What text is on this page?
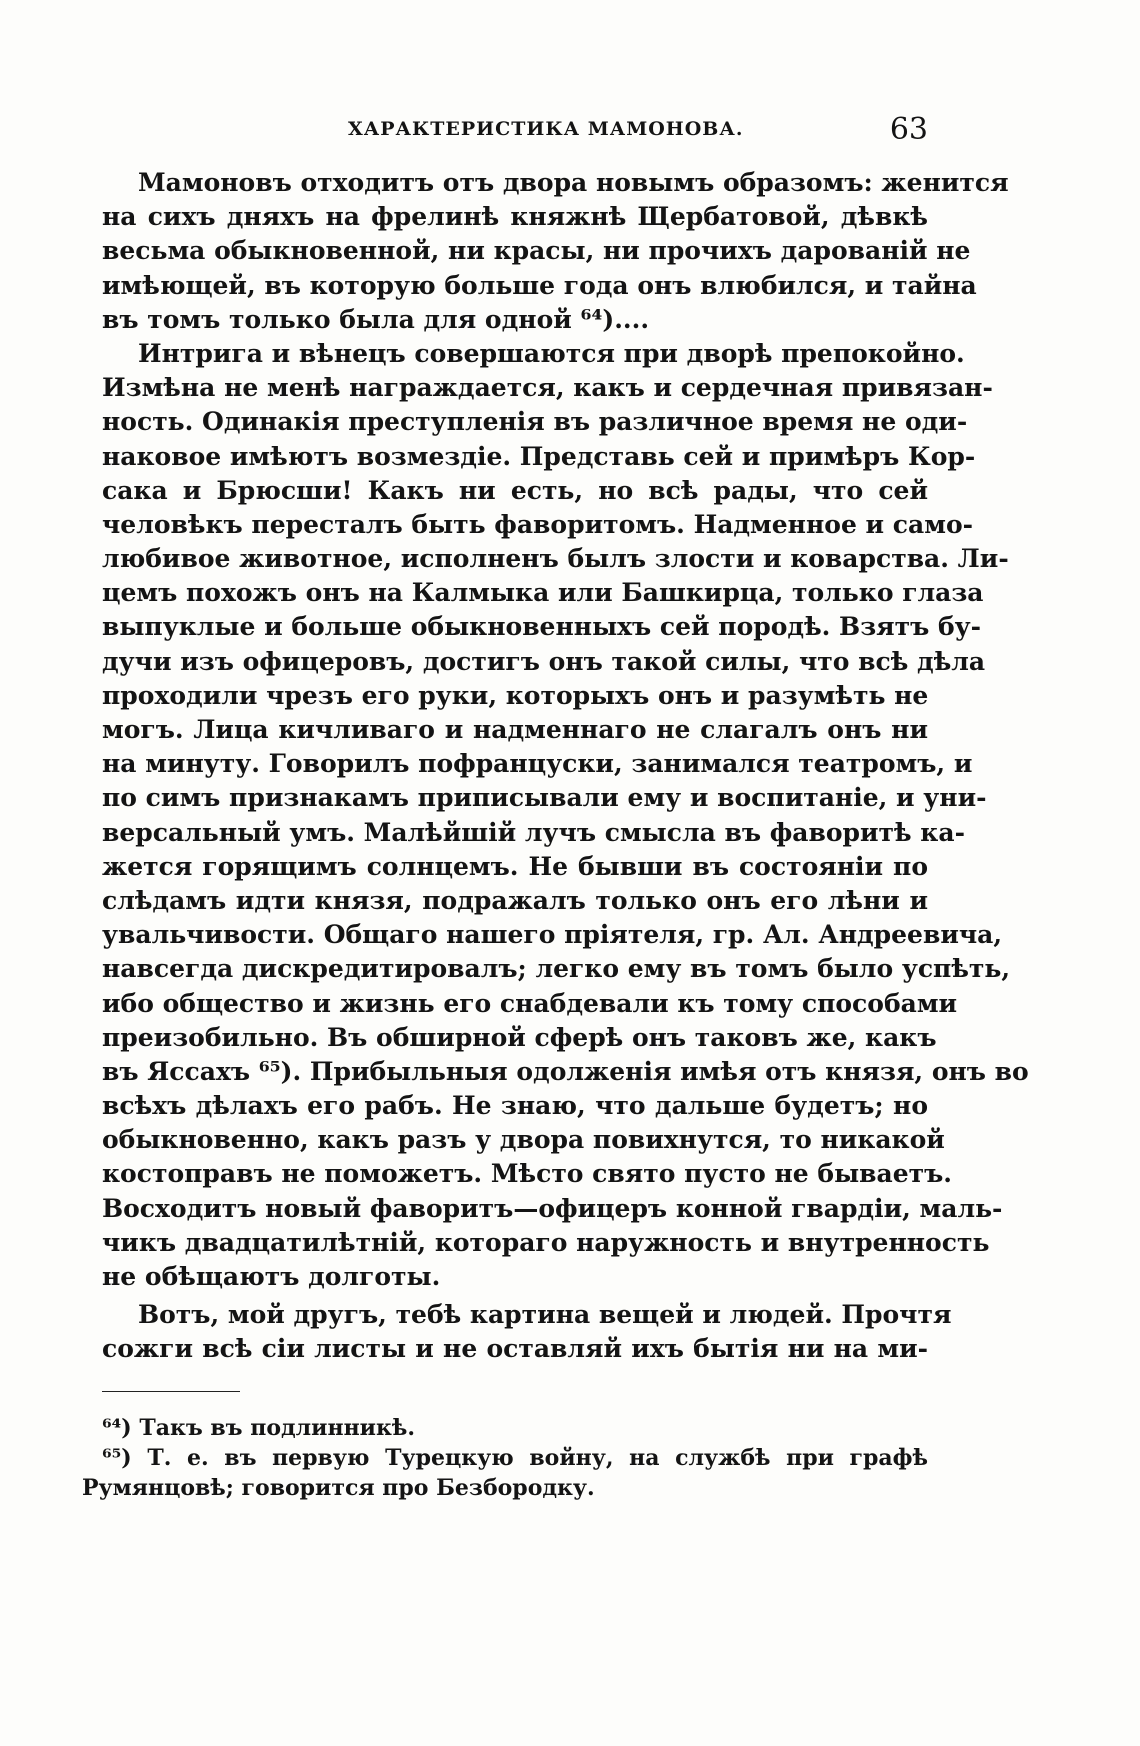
ХАРАКТЕРИСТИКА МАМОНОВА.	63
Мамоновъ отходитъ отъ двора новымъ образомъ: женится
на сихъ дняхъ на фрелинѣ княжнѣ Щербатовой, дѣвкѣ
весьма обыкновенной, ни красы, ни прочихъ дарованій не
имѣющей, въ которую больше года онъ влюбился, и тайна
въ томъ только была для одной ⁶⁴)....
Интрига и вѣнецъ совершаются при дворѣ препокойно.
Измѣна не менѣ награждается, какъ и сердечная привязан-
ность. Одинакія преступленія въ различное время не оди-
наковое имѣютъ возмездіе. Представь сей и примѣръ Кор-
сака и Брюсши! Какъ ни есть, но всѣ рады, что сей
человѣкъ пересталъ быть фаворитомъ. Надменное и само-
любивое животное, исполненъ былъ злости и коварства. Ли-
цемъ похожъ онъ на Калмыка или Башкирца, только глаза
выпуклые и больше обыкновенныхъ сей породѣ. Взятъ бу-
дучи изъ офицеровъ, достигъ онъ такой силы, что всѣ дѣла
проходили чрезъ его руки, которыхъ онъ и разумѣть не
могъ. Лица кичливаго и надменнаго не слагалъ онъ ни
на минуту. Говорилъ пофранцуски, занимался театромъ, и
по симъ признакамъ приписывали ему и воспитаніе, и уни-
версальный умъ. Малѣйшій лучъ смысла въ фаворитѣ ка-
жется горящимъ солнцемъ. Не бывши въ состояніи по
слѣдамъ идти князя, подражалъ только онъ его лѣни и
увальчивости. Общаго нашего пріятеля, гр. Ал. Андреевича,
навсегда дискредитировалъ; легко ему въ томъ было успѣть,
ибо общество и жизнь его снабдевали къ тому способами
преизобильно. Въ обширной сферѣ онъ таковъ же, какъ
въ Яссахъ ⁶⁵). Прибыльныя одолженія имѣя отъ князя, онъ во
всѣхъ дѣлахъ его рабъ. Не знаю, что дальше будетъ; но
обыкновенно, какъ разъ у двора повихнутся, то никакой
костоправъ не поможетъ. Мѣсто свято пусто не бываетъ.
Восходитъ новый фаворитъ—офицеръ конной гвардіи, маль-
чикъ двадцатилѣтній, котораго наружность и внутренность
не обѣщаютъ долготы.
Вотъ, мой другъ, тебѣ картина вещей и людей. Прочтя
сожги всѣ сіи листы и не оставляй ихъ бытія ни на ми-
⁶⁴) Такъ въ подлинникѣ.
⁶⁵) Т. е. въ первую Турецкую войну, на службѣ при графѣ
Румянцовѣ; говорится про Безбородку.
